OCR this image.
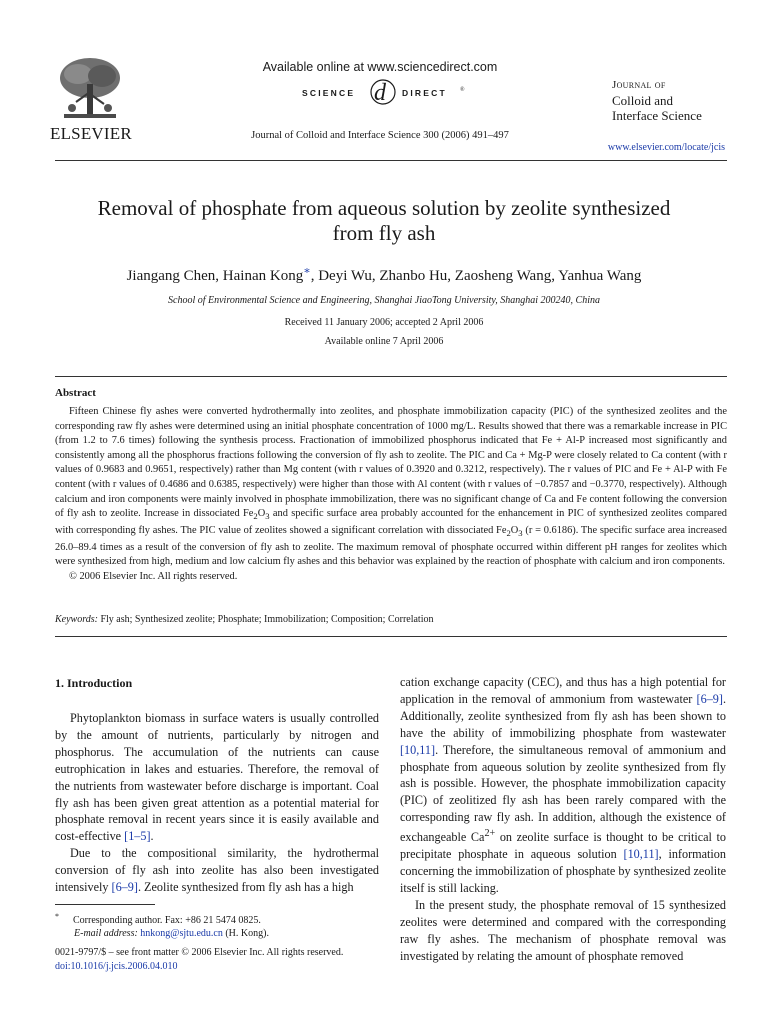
ELSEVIER
Available online at www.sciencedirect.com
SCIENCE d DIRECT ®
Journal of Colloid and Interface Science 300 (2006) 491–497
Journal of
Colloid and
Interface Science
www.elsevier.com/locate/jcis
Removal of phosphate from aqueous solution by zeolite synthesized
from fly ash
Jiangang Chen, Hainan Kong∗, Deyi Wu, Zhanbo Hu, Zaosheng Wang, Yanhua Wang
School of Environmental Science and Engineering, Shanghai JiaoTong University, Shanghai 200240, China
Received 11 January 2006; accepted 2 April 2006
Available online 7 April 2006
Abstract

Fifteen Chinese fly ashes were converted hydrothermally into zeolites, and phosphate immobilization capacity (PIC) of the synthesized zeolites and the corresponding raw fly ashes were determined using an initial phosphate concentration of 1000 mg/L. Results showed that there was a remarkable increase in PIC (from 1.2 to 7.6 times) following the synthesis process. Fractionation of immobilized phosphorus indicated that Fe + Al-P increased most significantly and consistently among all the phosphorus fractions following the conversion of fly ash to zeolite. The PIC and Ca + Mg-P were closely related to Ca content (with r values of 0.9683 and 0.9651, respectively) rather than Mg content (with r values of 0.3920 and 0.3212, respectively). The r values of PIC and Fe + Al-P with Fe content (with r values of 0.4686 and 0.6385, respectively) were higher than those with Al content (with r values of −0.7857 and −0.3770, respectively). Although calcium and iron components were mainly involved in phosphate immobilization, there was no significant change of Ca and Fe content following the conversion of fly ash to zeolite. Increase in dissociated $Fe_2O_3$ and specific surface area probably accounted for the enhancement in PIC of synthesized zeolites compared with corresponding fly ashes. The PIC value of zeolites showed a significant correlation with dissociated $Fe_2O_3$ (r = 0.6186). The specific surface area increased 26.0–89.4 times as a result of the conversion of fly ash to zeolite. The maximum removal of phosphate occurred within different pH ranges for zeolites which were synthesized from high, medium and low calcium fly ashes and this behavior was explained by the reaction of phosphate with calcium and iron components.

© 2006 Elsevier Inc. All rights reserved.

Keywords: Fly ash; Synthesized zeolite; Phosphate; Immobilization; Composition; Correlation
1. Introduction

Phytoplankton biomass in surface waters is usually controlled by the amount of nutrients, particularly by nitrogen and phosphorus. The accumulation of the nutrients can cause eutrophication in lakes and estuaries. Therefore, the removal of the nutrients from wastewater before discharge is important. Coal fly ash has been given great attention as a potential material for phosphate removal in recent years since it is easily available and cost-effective [1–5].

Due to the compositional similarity, the hydrothermal conversion of fly ash into zeolite has also been investigated intensively [6–9]. Zeolite synthesized from fly ash has a high

cation exchange capacity (CEC), and thus has a high potential for application in the removal of ammonium from wastewater [6–9]. Additionally, zeolite synthesized from fly ash has been shown to have the ability of immobilizing phosphate from wastewater [10,11]. Therefore, the simultaneous removal of ammonium and phosphate from aqueous solution by zeolite synthesized from fly ash is possible. However, the phosphate immobilization capacity (PIC) of zeolitized fly ash has been rarely compared with the corresponding raw fly ash. In addition, although the existence of exchangeable $Ca^{2+}$ on zeolite surface is thought to be critical to precipitate phosphate in aqueous solution [10,11], information concerning the immobilization of phosphate by synthesized zeolite itself is still lacking.

In the present study, the phosphate removal of 15 synthesized zeolites were determined and compared with the corresponding raw fly ashes. The mechanism of phosphate removal was investigated by relating the amount of phosphate removed

* Corresponding author. Fax: +86 21 5474 0825.
E-mail address: hnkong@sjtu.edu.cn (H. Kong).
0021-9797/$ – see front matter © 2006 Elsevier Inc. All rights reserved.
doi:10.1016/j.jcis.2006.04.010
